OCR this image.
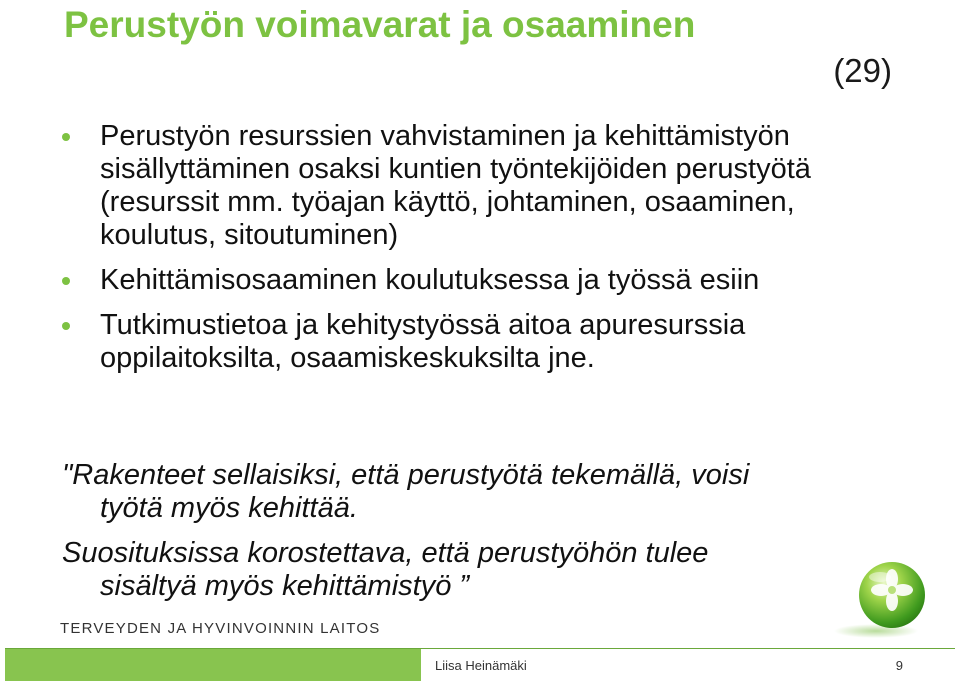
Perustyön voimavarat ja osaaminen
(29)
Perustyön resurssien vahvistaminen ja kehittämistyön sisällyttäminen osaksi kuntien työntekijöiden perustyötä (resurssit mm. työajan käyttö, johtaminen, osaaminen, koulutus, sitoutuminen)
Kehittämisosaaminen koulutuksessa ja työssä esiin
Tutkimustietoa ja kehitystyössä aitoa apuresurssia oppilaitoksilta, osaamiskeskuksilta jne.
"Rakenteet sellaisiksi, että perustyötä tekemällä, voisi
työtä myös kehittää.
Suosituksissa korostettava, että perustyöhön tulee
sisältyä myös kehittämistyö ”
TERVEYDEN JA HYVINVOINNIN LAITOS
Liisa Heinämäki	9
